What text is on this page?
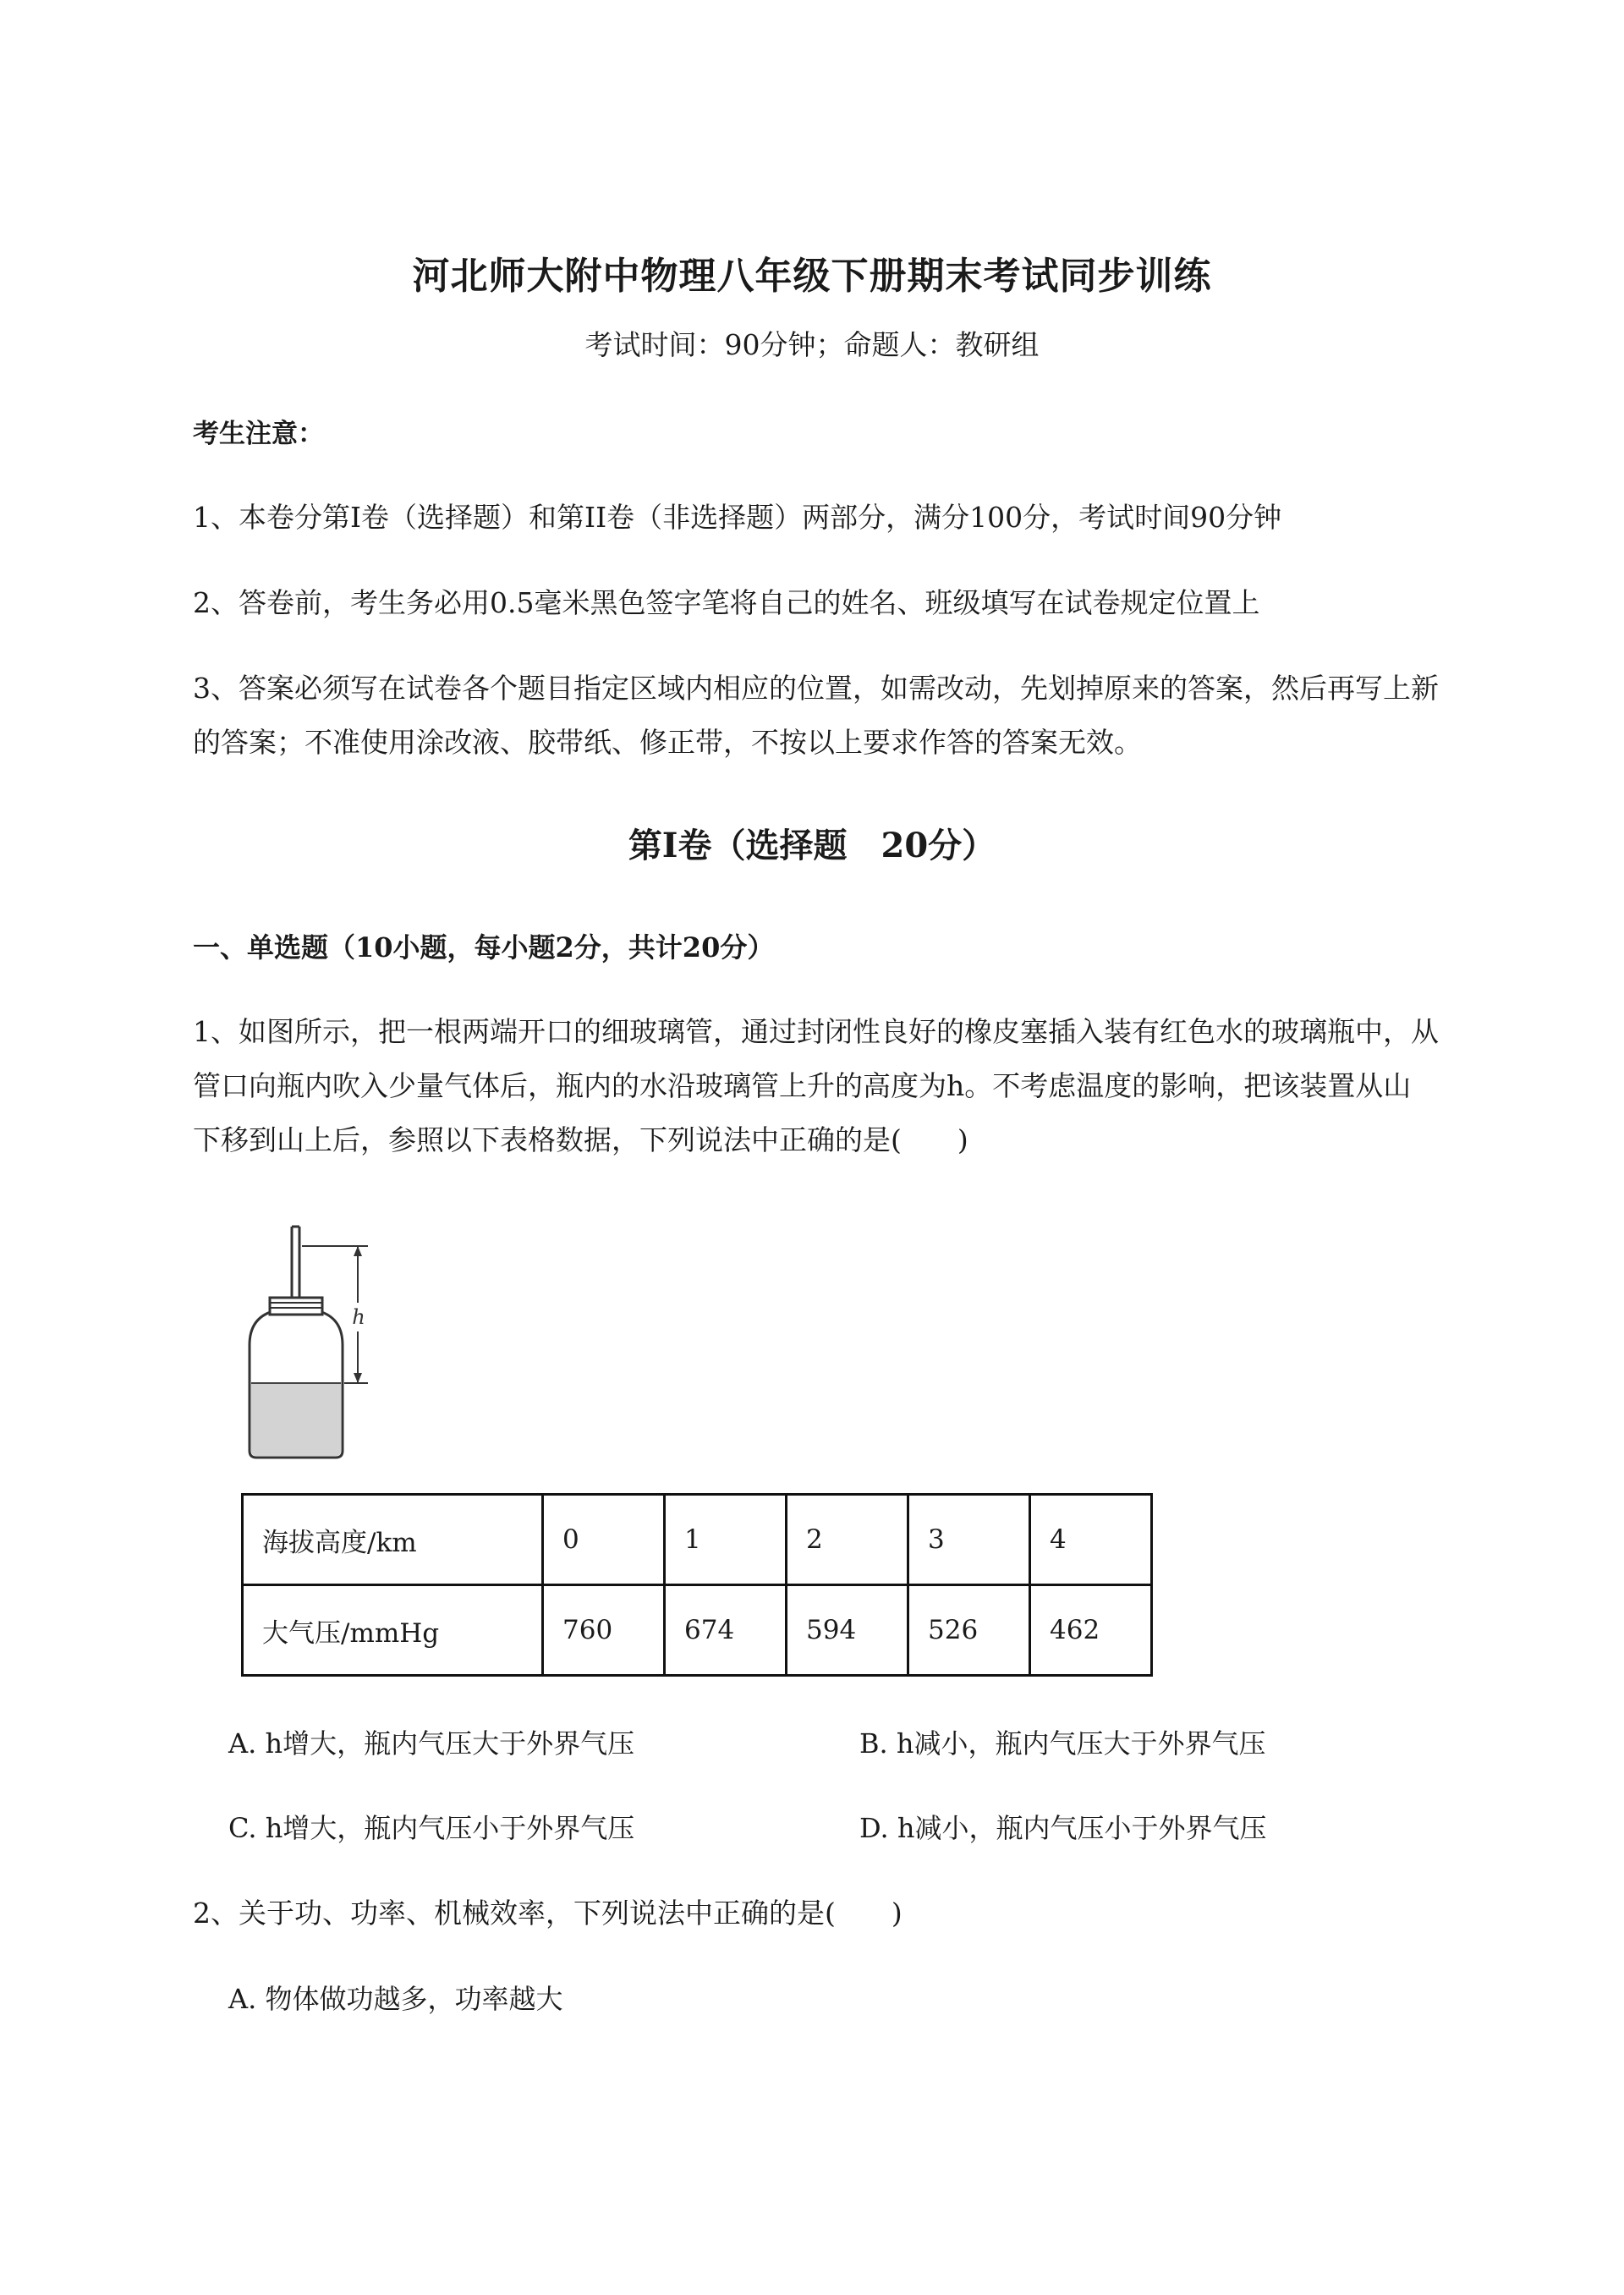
河北师大附中物理八年级下册期末考试同步训练
考试时间：90分钟；命题人：教研组
考生注意：
1、本卷分第I卷（选择题）和第II卷（非选择题）两部分，满分100分，考试时间90分钟
2、答卷前，考生务必用0.5毫米黑色签字笔将自己的姓名、班级填写在试卷规定位置上
3、答案必须写在试卷各个题目指定区域内相应的位置，如需改动，先划掉原来的答案，然后再写上新
的答案；不准使用涂改液、胶带纸、修正带，不按以上要求作答的答案无效。
第I卷（选择题　20分）
一、单选题（10小题，每小题2分，共计20分）
1、如图所示，把一根两端开口的细玻璃管，通过封闭性良好的橡皮塞插入装有红色水的玻璃瓶中，从
管口向瓶内吹入少量气体后，瓶内的水沿玻璃管上升的高度为h。不考虑温度的影响，把该装置从山
下移到山上后，参照以下表格数据，下列说法中正确的是(　　)
h
海拔高度/km	0	1	2	3	4
大气压/mmHg	760	674	594	526	462
A. h增大，瓶内气压大于外界气压	B. h减小，瓶内气压大于外界气压
C. h增大，瓶内气压小于外界气压	D. h减小，瓶内气压小于外界气压
2、关于功、功率、机械效率，下列说法中正确的是(　　)
A. 物体做功越多，功率越大
